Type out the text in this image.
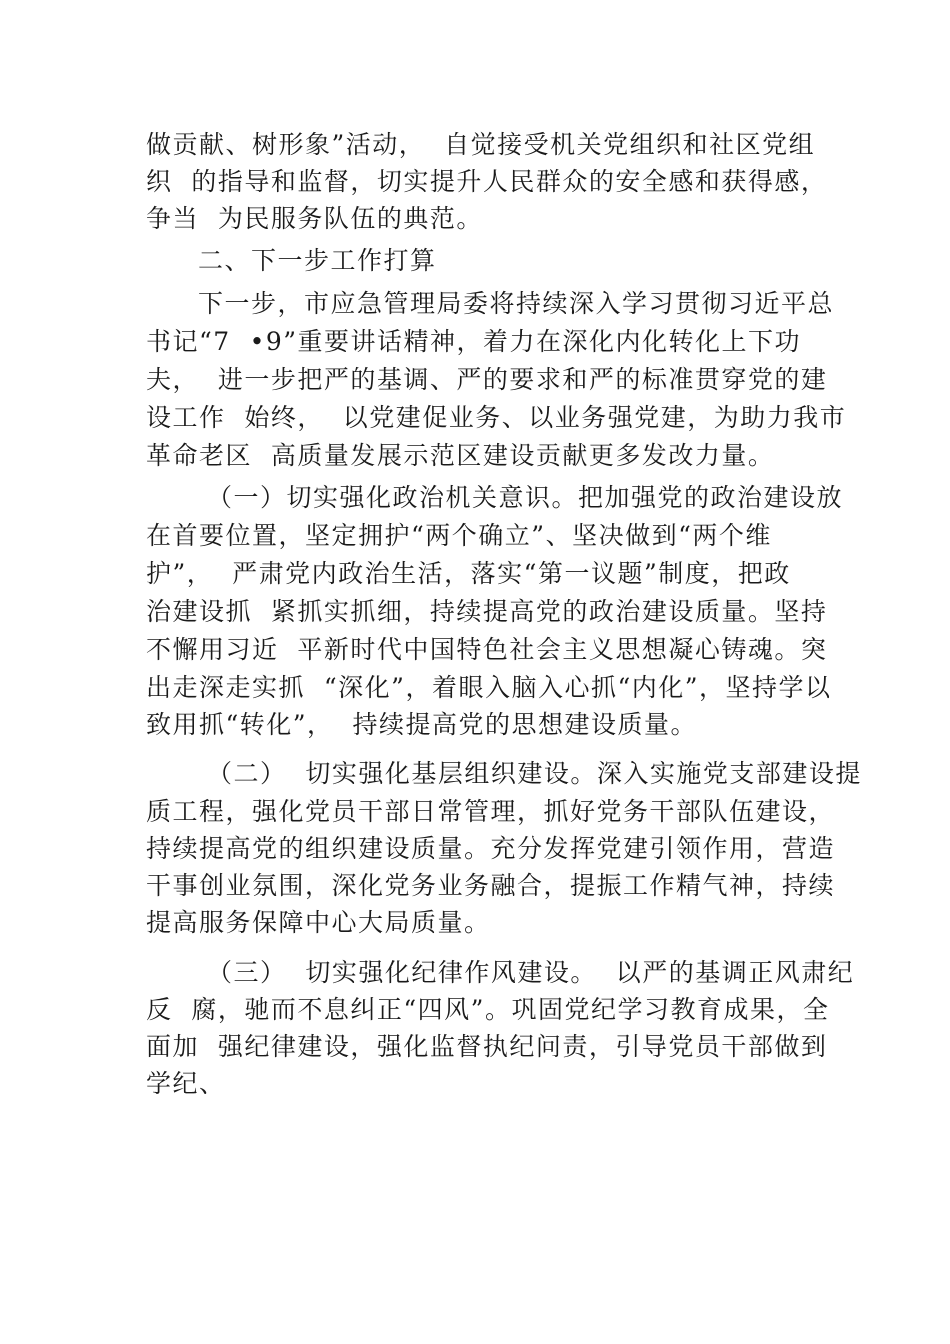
做贡献、树形象”活动，  自觉接受机关党组织和社区党组

织  的指导和监督，切实提升人民群众的安全感和获得感，

争当  为民服务队伍的典范。

二、下一步工作打算

下一步，市应急管理局委将持续深入学习贯彻习近平总

书记“7  •9”重要讲话精神，着力在深化内化转化上下功

夫，  进一步把严的基调、严的要求和严的标准贯穿党的建

设工作  始终，  以党建促业务、以业务强党建，为助力我市

革命老区  高质量发展示范区建设贡献更多发改力量。

（一）切实强化政治机关意识。把加强党的政治建设放

在首要位置，坚定拥护“两个确立”、坚决做到“两个维

护”，  严肃党内政治生活，落实“第一议题”制度，把政

治建设抓  紧抓实抓细，持续提高党的政治建设质量。坚持

不懈用习近  平新时代中国特色社会主义思想凝心铸魂。突

出走深走实抓  “深化”，着眼入脑入心抓“内化”，坚持学以

致用抓“转化”，  持续提高党的思想建设质量。

（二）  切实强化基层组织建设。深入实施党支部建设提

质工程，强化党员干部日常管理，抓好党务干部队伍建设，

持续提高党的组织建设质量。充分发挥党建引领作用，营造

干事创业氛围，深化党务业务融合，提振工作精气神，持续

提高服务保障中心大局质量。

（三）  切实强化纪律作风建设。  以严的基调正风肃纪

反  腐，驰而不息纠正“四风”。巩固党纪学习教育成果，全

面加  强纪律建设，强化监督执纪问责，引导党员干部做到

学纪、
